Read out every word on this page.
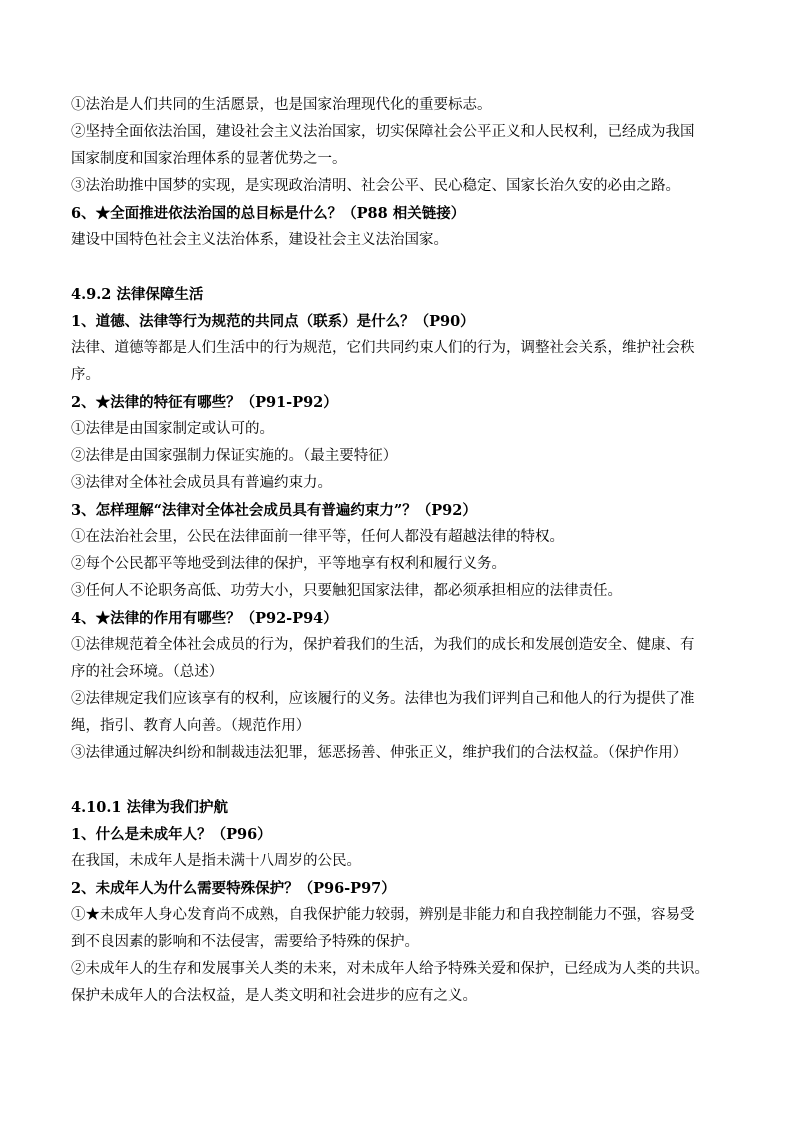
①法治是人们共同的生活愿景，也是国家治理现代化的重要标志。
②坚持全面依法治国，建设社会主义法治国家，切实保障社会公平正义和人民权利，已经成为我国
国家制度和国家治理体系的显著优势之一。
③法治助推中国梦的实现，是实现政治清明、社会公平、民心稳定、国家长治久安的必由之路。
6、★全面推进依法治国的总目标是什么？（P88 相关链接）
建设中国特色社会主义法治体系，建设社会主义法治国家。
4.9.2 法律保障生活
1、道德、法律等行为规范的共同点（联系）是什么？（P90）
法律、道德等都是人们生活中的行为规范，它们共同约束人们的行为，调整社会关系，维护社会秩
序。
2、★法律的特征有哪些？（P91-P92）
①法律是由国家制定或认可的。
②法律是由国家强制力保证实施的。（最主要特征）
③法律对全体社会成员具有普遍约束力。
3、怎样理解“法律对全体社会成员具有普遍约束力”？（P92）
①在法治社会里，公民在法律面前一律平等，任何人都没有超越法律的特权。
②每个公民都平等地受到法律的保护，平等地享有权利和履行义务。
③任何人不论职务高低、功劳大小，只要触犯国家法律，都必须承担相应的法律责任。
4、★法律的作用有哪些？（P92-P94）
①法律规范着全体社会成员的行为，保护着我们的生活，为我们的成长和发展创造安全、健康、有
序的社会环境。（总述）
②法律规定我们应该享有的权利，应该履行的义务。法律也为我们评判自己和他人的行为提供了准
绳，指引、教育人向善。（规范作用）
③法律通过解决纠纷和制裁违法犯罪，惩恶扬善、伸张正义，维护我们的合法权益。（保护作用）
4.10.1 法律为我们护航
1、什么是未成年人？（P96）
在我国，未成年人是指未满十八周岁的公民。
2、未成年人为什么需要特殊保护？（P96-P97）
①★未成年人身心发育尚不成熟，自我保护能力较弱，辨别是非能力和自我控制能力不强，容易受
到不良因素的影响和不法侵害，需要给予特殊的保护。
②未成年人的生存和发展事关人类的未来，对未成年人给予特殊关爱和保护，已经成为人类的共识。
保护未成年人的合法权益，是人类文明和社会进步的应有之义。
